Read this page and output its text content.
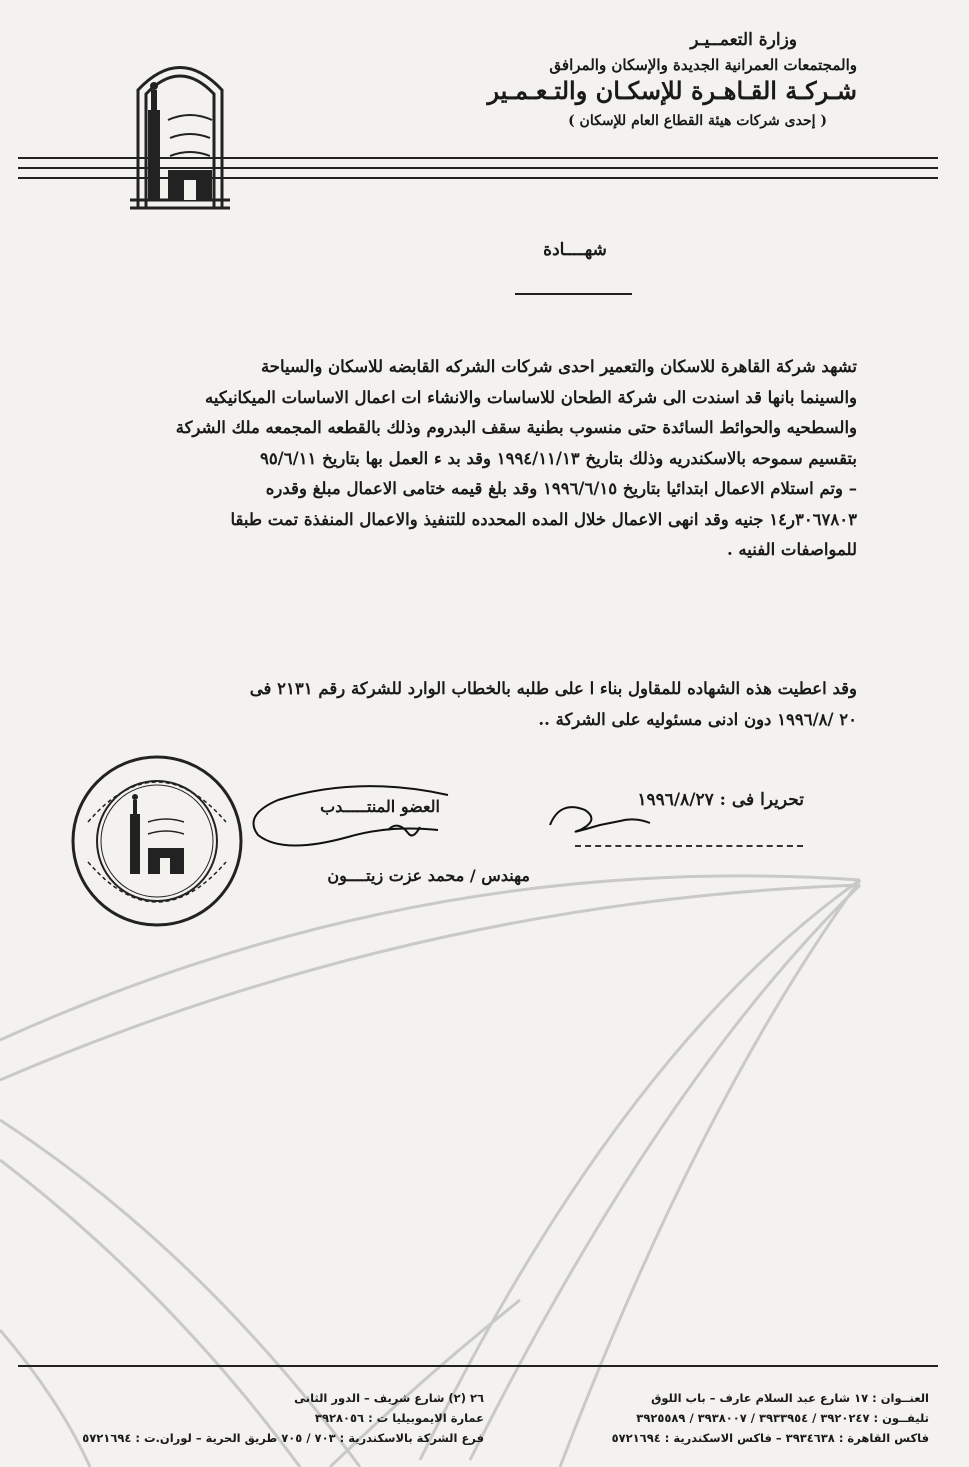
وزارة التعمــيـر
والمجتمعات العمرانية الجديدة والإسكان والمرافق
شـركـة القـاهـرة للإسكـان والتـعـمـير
( إحدى شركات هيئة القطاع العام للإسكان )
شهــــادة

تشهد شركة القاهرة للاسكان والتعمير احدى شركات الشركه القابضه للاسكان والسياحة

والسينما بانها قد اسندت الى شركة الطحان للاساسات والانشاء ات اعمال الاساسات الميكانيكيه

والسطحيه والحوائط السائدة حتى منسوب بطنية سقف البدروم وذلك بالقطعه المجمعه ملك الشركة

بتقسيم سموحه بالاسكندريه وذلك بتاريخ ١٩٩٤/١١/١٣ وقد بد ء العمل بها بتاريخ ٩٥/٦/١١

– وتم استلام الاعمال ابتدائيا بتاريخ ١٩٩٦/٦/١٥ وقد بلغ قيمه ختامى الاعمال مبلغ وقدره

٣٠٦٧٨٠٣ر١٤ جنيه وقد انهى الاعمال خلال المده المحدده للتنفيذ والاعمال المنفذة تمت طبقا

للمواصفات الفنيه .

وقد اعطيت هذه الشهاده للمقاول بناء ا على طلبه بالخطاب الوارد للشركة رقم ٢١٣١ فى

٢٠ /١٩٩٦/٨ دون ادنى مسئوليه على الشركة ..

تحريرا فى : ١٩٩٦/٨/٢٧
العضو المنتـــــدب
مهندس / محمد عزت زيتــــون

العنــوان : ١٧ شارع عبد السلام عارف – باب اللوق

تليفــون : ٣٩٢٠٢٤٧ / ٣٩٣٣٩٥٤ / ٣٩٣٨٠٠٧ / ٣٩٢٥٥٨٩

فاكس القاهرة : ٣٩٣٤٦٣٨ – فاكس الاسكندرية : ٥٧٢١٦٩٤

٢٦ (٢) شارع شريف – الدور الثانى

عمارة الايموبيليا ت : ٣٩٢٨٠٥٦

فرع الشركة بالاسكندرية : ٧٠٣ / ٧٠٥ طريق الحرية – لوران.ت : ٥٧٢١٦٩٤
